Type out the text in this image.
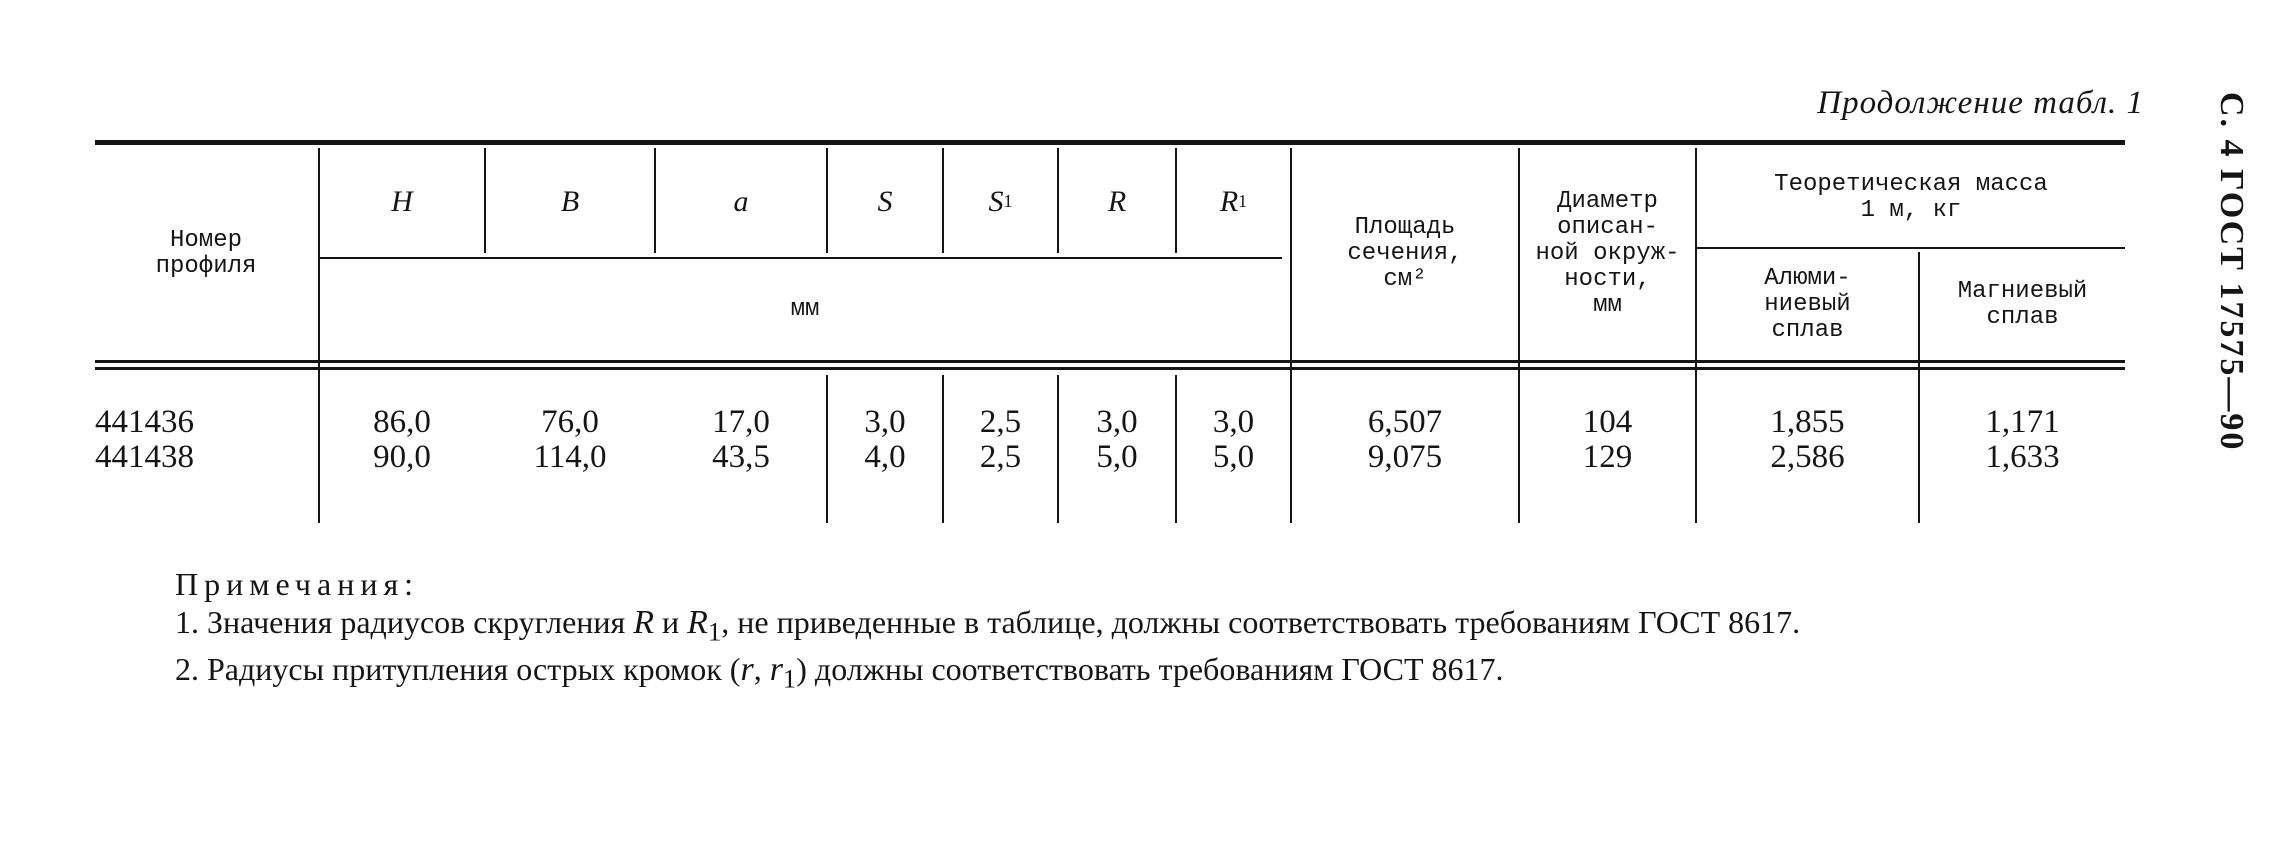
Продолжение табл. 1	С. 4 ГОСТ 17575—90
Номер
профиля
H	B	a	S	S 1	R	R 1
мм
Площадь
сечения,
см²
Диаметр
описан-
ной окруж-
ности,
мм
Теоретическая масса
1 м, кг
Алюми-
ниевый
сплав
Магниевый
сплав
441436	86,0	76,0	17,0	3,0	2,5	3,0	3,0	6,507	104	1,855	1,171
441438	90,0	114,0	43,5	4,0	2,5	5,0	5,0	9,075	129	2,586	1,633
Примечания:
1. Значения радиусов скругления R и $R_1$, не приведенные в таблице, должны соответствовать требованиям ГОСТ 8617.
2. Радиусы притупления острых кромок (r, $r_1$) должны соответствовать требованиям ГОСТ 8617.
